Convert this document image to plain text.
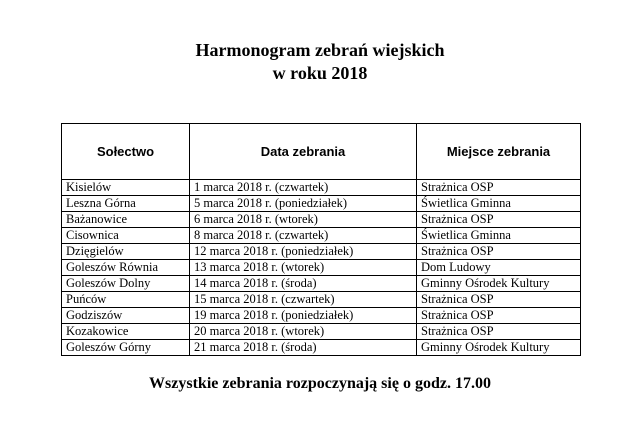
Harmonogram zebrań wiejskich
w roku 2018
Sołectwo	Data zebrania	Miejsce zebrania
Kisielów	1 marca 2018 r. (czwartek)	Strażnica OSP
Leszna Górna	5 marca 2018 r. (poniedziałek)	Świetlica Gminna
Bażanowice	6 marca 2018 r. (wtorek)	Strażnica OSP
Cisownica	8 marca 2018 r. (czwartek)	Świetlica Gminna
Dzięgielów	12 marca 2018 r. (poniedziałek)	Strażnica OSP
Goleszów Równia	13 marca 2018 r. (wtorek)	Dom Ludowy
Goleszów Dolny	14 marca 2018 r. (środa)	Gminny Ośrodek Kultury
Puńców	15 marca 2018 r. (czwartek)	Strażnica OSP
Godziszów	19 marca 2018 r. (poniedziałek)	Strażnica OSP
Kozakowice	20 marca 2018 r. (wtorek)	Strażnica OSP
Goleszów Górny	21 marca 2018 r. (środa)	Gminny Ośrodek Kultury
Wszystkie zebrania rozpoczynają się o godz. 17.00
